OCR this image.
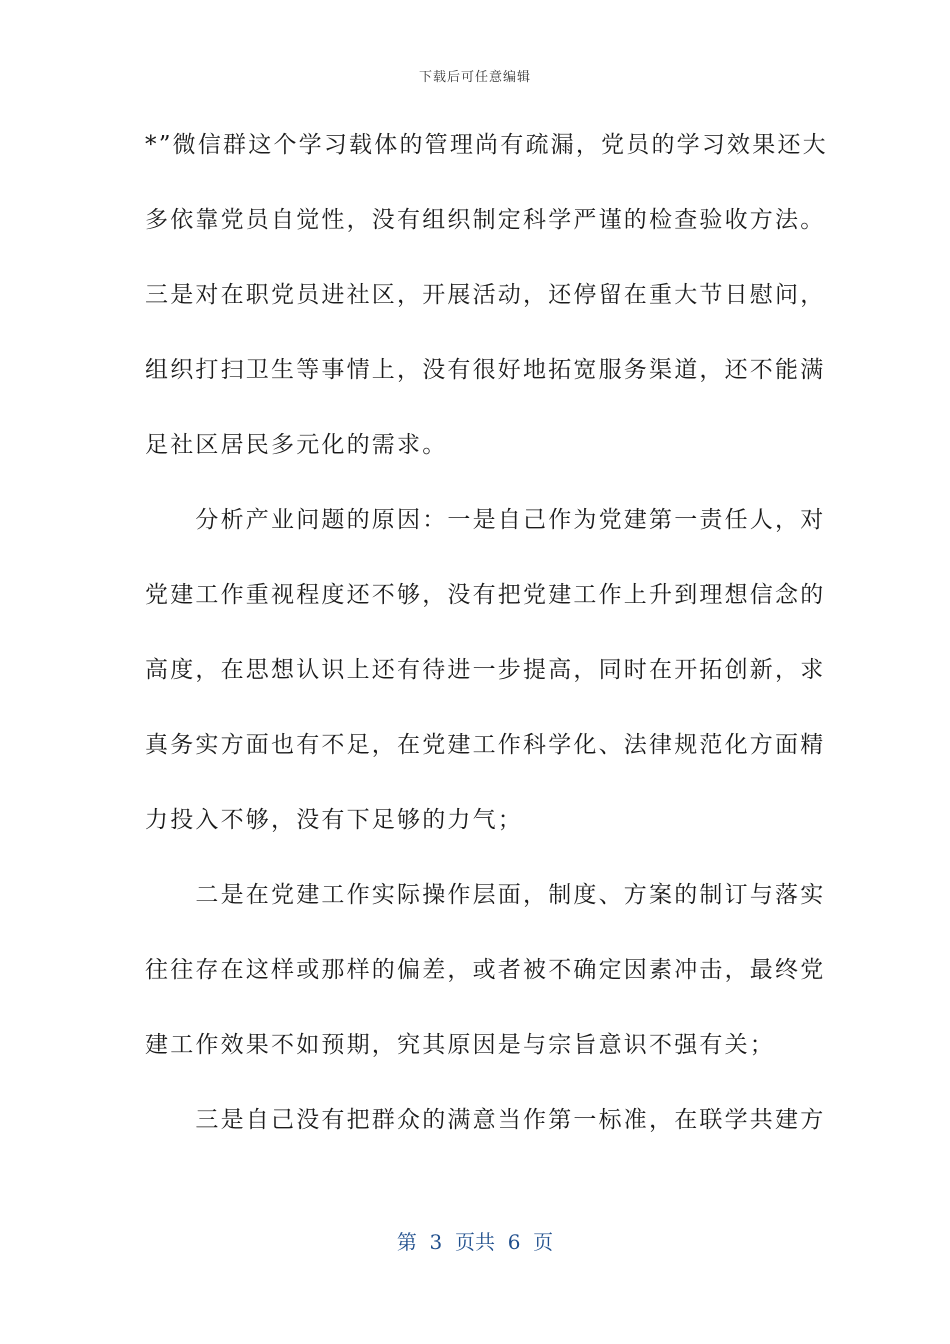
下载后可任意编辑
*”微信群这个学习载体的管理尚有疏漏，党员的学习效果还大
多依靠党员自觉性，没有组织制定科学严谨的检查验收方法。
三是对在职党员进社区，开展活动，还停留在重大节日慰问，
组织打扫卫生等事情上，没有很好地拓宽服务渠道，还不能满
足社区居民多元化的需求。
　　分析产业问题的原因：一是自己作为党建第一责任人，对
党建工作重视程度还不够，没有把党建工作上升到理想信念的
高度，在思想认识上还有待进一步提高，同时在开拓创新，求
真务实方面也有不足，在党建工作科学化、法律规范化方面精
力投入不够，没有下足够的力气；
　　二是在党建工作实际操作层面，制度、方案的制订与落实
往往存在这样或那样的偏差，或者被不确定因素冲击，最终党
建工作效果不如预期，究其原因是与宗旨意识不强有关；
　　三是自己没有把群众的满意当作第一标准，在联学共建方
第  3  页共  6  页
